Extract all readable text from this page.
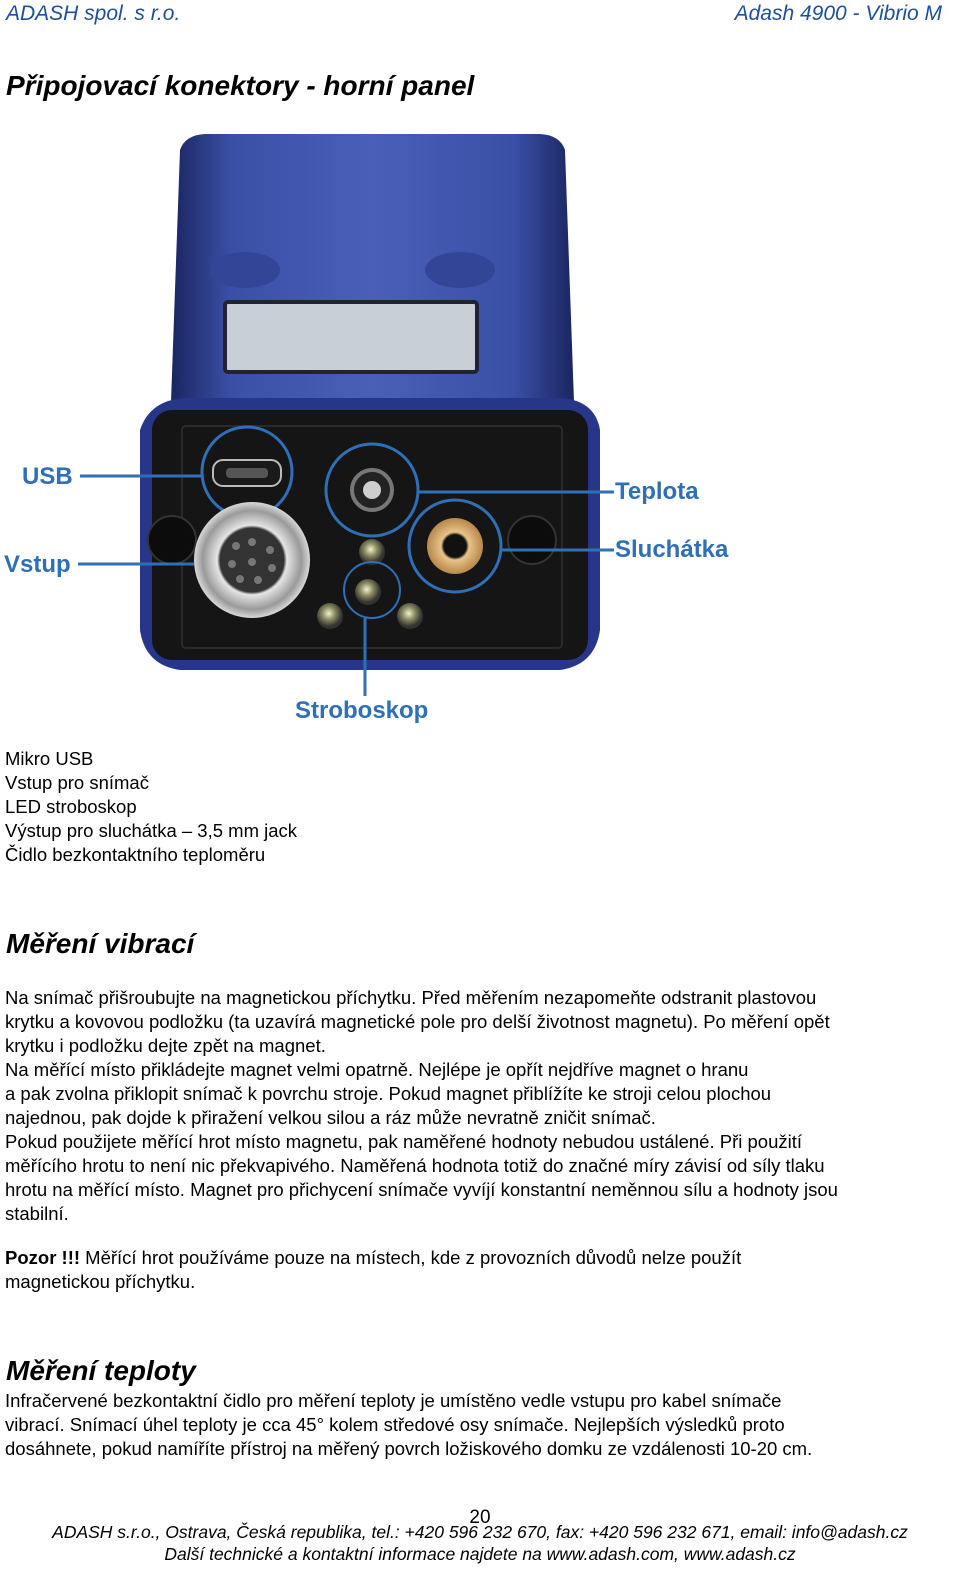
ADASH spol. s r.o.	Adash 4900 - Vibrio M
Připojovací konektory - horní panel
USB
Vstup
Teplota
Sluchátka
Stroboskop
Mikro USB
Vstup pro snímač
LED stroboskop
Výstup pro sluchátka – 3,5 mm jack
Čidlo bezkontaktního teploměru
Měření vibrací
Na snímač přišroubujte na magnetickou příchytku. Před měřením nezapomeňte odstranit plastovou
krytku a kovovou podložku (ta uzavírá magnetické pole pro delší životnost magnetu). Po měření opět
krytku i podložku dejte zpět na magnet.
Na měřící místo přikládejte magnet velmi opatrně. Nejlépe je opřít nejdříve magnet o hranu
a pak zvolna přiklopit snímač k povrchu stroje. Pokud magnet přiblížíte ke stroji celou plochou
najednou, pak dojde k přiražení velkou silou a ráz může nevratně zničit snímač.
Pokud použijete měřící hrot místo magnetu, pak naměřené hodnoty nebudou ustálené. Při použití
měřícího hrotu to není nic překvapivého. Naměřená hodnota totiž do značné míry závisí od síly tlaku
hrotu na měřící místo. Magnet pro přichycení snímače vyvíjí konstantní neměnnou sílu a hodnoty jsou
stabilní.
Pozor !!! Měřící hrot používáme pouze na místech, kde z provozních důvodů nelze použít
magnetickou příchytku.
Měření teploty
Infračervené bezkontaktní čidlo pro měření teploty je umístěno vedle vstupu pro kabel snímače
vibrací. Snímací úhel teploty je cca 45° kolem středové osy snímače. Nejlepších výsledků proto
dosáhnete, pokud namíříte přístroj na měřený povrch ložiskového domku ze vzdálenosti 10-20 cm.
20
ADASH s.r.o., Ostrava, Česká republika, tel.: +420 596 232 670, fax: +420 596 232 671, email: info@adash.cz
Další technické a kontaktní informace najdete na www.adash.com, www.adash.cz
